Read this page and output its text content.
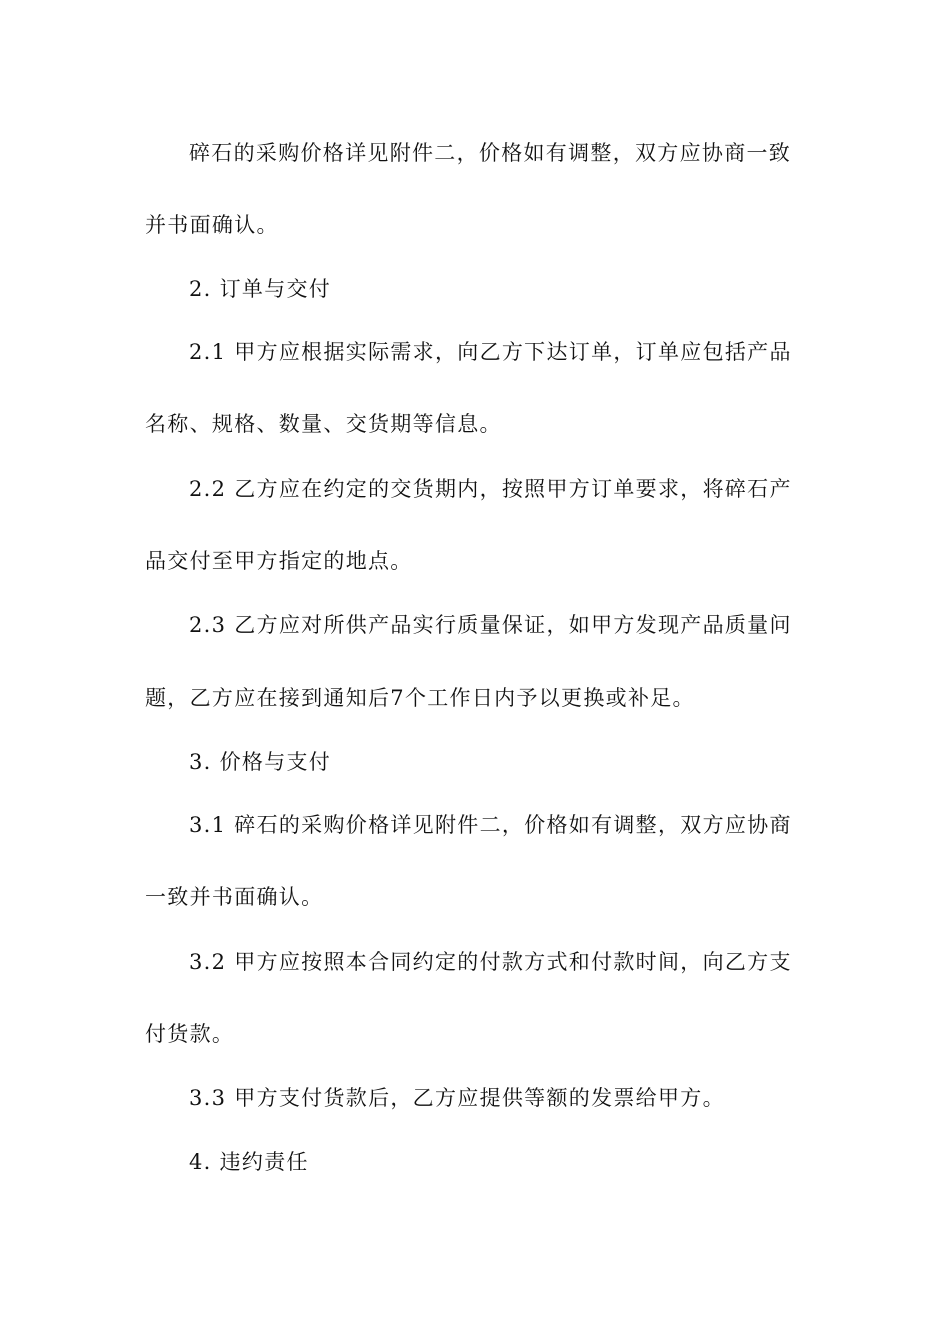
碎石的采购价格详见附件二，价格如有调整，双方应协商一致
并书面确认。
2. 订单与交付
2.1 甲方应根据实际需求，向乙方下达订单，订单应包括产品
名称、规格、数量、交货期等信息。
2.2 乙方应在约定的交货期内，按照甲方订单要求，将碎石产
品交付至甲方指定的地点。
2.3 乙方应对所供产品实行质量保证，如甲方发现产品质量问
题，乙方应在接到通知后7个工作日内予以更换或补足。
3. 价格与支付
3.1 碎石的采购价格详见附件二，价格如有调整，双方应协商
一致并书面确认。
3.2 甲方应按照本合同约定的付款方式和付款时间，向乙方支
付货款。
3.3 甲方支付货款后，乙方应提供等额的发票给甲方。
4. 违约责任
